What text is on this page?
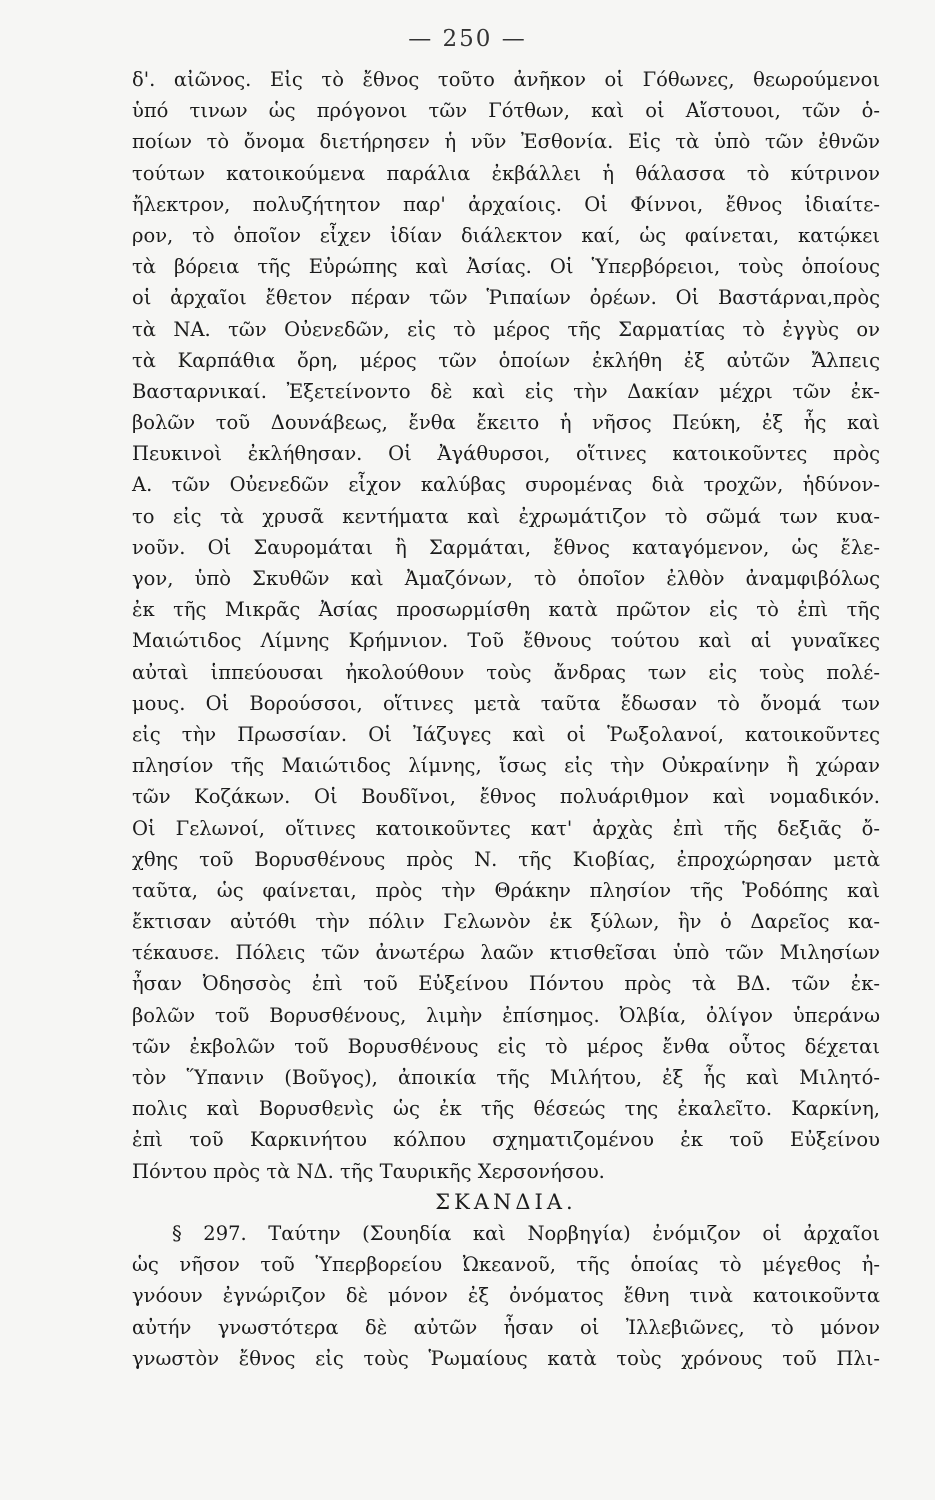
— 250 —
δ'. αἰῶνος. Εἰς τὸ ἔθνος τοῦτο ἀνῆκον οἱ Γόθωνες, θεωρούμενοι
ὑπό τινων ὡς πρόγονοι τῶν Γότθων, καὶ οἱ Αἴστουοι, τῶν ὁ-
ποίων τὸ ὄνομα διετήρησεν ἡ νῦν Ἐσθονία. Εἰς τὰ ὑπὸ τῶν ἐθνῶν
τούτων κατοικούμενα παράλια ἐκβάλλει ἡ θάλασσα τὸ κύτρινον
ἤλεκτρον, πολυζήτητον παρ' ἀρχαίοις. Οἱ Φίννοι, ἔθνος ἰδιαίτε-
ρον, τὸ ὁποῖον εἶχεν ἰδίαν διάλεκτον καί, ὡς φαίνεται, κατῴκει
τὰ βόρεια τῆς Εὐρώπης καὶ Ἀσίας. Οἱ Ὑπερβόρειοι, τοὺς ὁποίους
οἱ ἀρχαῖοι ἔθετον πέραν τῶν Ῥιπαίων ὀρέων. Οἱ Βαστάρναι,πρὸς
τὰ ΝΑ. τῶν Οὐενεδῶν, εἰς τὸ μέρος τῆς Σαρματίας τὸ ἐγγὺς ον
τὰ Καρπάθια ὄρη, μέρος τῶν ὁποίων ἐκλήθη ἐξ αὐτῶν Ἄλπεις
Βασταρνικαί. Ἐξετείνοντο δὲ καὶ εἰς τὴν Δακίαν μέχρι τῶν ἐκ-
βολῶν τοῦ Δουνάβεως, ἔνθα ἔκειτο ἡ νῆσος Πεύκη, ἐξ ἧς καὶ
Πευκινοὶ ἐκλήθησαν. Οἱ Ἀγάθυρσοι, οἵτινες κατοικοῦντες πρὸς
Α. τῶν Οὐενεδῶν εἶχον καλύβας συρομένας διὰ τροχῶν, ἡδύνον-
το εἰς τὰ χρυσᾶ κεντήματα καὶ ἐχρωμάτιζον τὸ σῶμά των κυα-
νοῦν. Οἱ Σαυρομάται ἢ Σαρμάται, ἔθνος καταγόμενον, ὡς ἔλε-
γον, ὑπὸ Σκυθῶν καὶ Ἀμαζόνων, τὸ ὁποῖον ἐλθὸν ἀναμφιβόλως
ἐκ τῆς Μικρᾶς Ἀσίας προσωρμίσθη κατὰ πρῶτον εἰς τὸ ἐπὶ τῆς
Μαιώτιδος Λίμνης Κρήμνιον. Τοῦ ἔθνους τούτου καὶ αἱ γυναῖκες
αὐταὶ ἱππεύουσαι ἠκολούθουν τοὺς ἄνδρας των εἰς τοὺς πολέ-
μους. Οἱ Βορούσσοι, οἵτινες μετὰ ταῦτα ἔδωσαν τὸ ὄνομά των
εἰς τὴν Πρωσσίαν. Οἱ Ἰάζυγες καὶ οἱ Ῥωξολανοί, κατοικοῦντες
πλησίον τῆς Μαιώτιδος λίμνης, ἴσως εἰς τὴν Οὐκραίνην ἢ χώραν
τῶν Κοζάκων. Οἱ Βουδῖνοι, ἔθνος πολυάριθμον καὶ νομαδικόν.
Οἱ Γελωνοί, οἵτινες κατοικοῦντες κατ' ἀρχὰς ἐπὶ τῆς δεξιᾶς ὄ-
χθης τοῦ Βορυσθένους πρὸς Ν. τῆς Κιοβίας, ἐπροχώρησαν μετὰ
ταῦτα, ὡς φαίνεται, πρὸς τὴν Θράκην πλησίον τῆς Ῥοδόπης καὶ
ἔκτισαν αὐτόθι τὴν πόλιν Γελωνὸν ἐκ ξύλων, ἣν ὁ Δαρεῖος κα-
τέκαυσε. Πόλεις τῶν ἀνωτέρω λαῶν κτισθεῖσαι ὑπὸ τῶν Μιλησίων
ἦσαν Ὀδησσὸς ἐπὶ τοῦ Εὐξείνου Πόντου πρὸς τὰ ΒΔ. τῶν ἐκ-
βολῶν τοῦ Βορυσθένους, λιμὴν ἐπίσημος. Ὀλβία, ὀλίγον ὑπεράνω
τῶν ἐκβολῶν τοῦ Βορυσθένους εἰς τὸ μέρος ἔνθα οὗτος δέχεται
τὸν Ὕπανιν (Βοῦγος), ἀποικία τῆς Μιλήτου, ἐξ ἧς καὶ Μιλητό-
πολις καὶ Βορυσθενὶς ὡς ἐκ τῆς θέσεώς της ἐκαλεῖτο. Καρκίνη,
ἐπὶ τοῦ Καρκινήτου κόλπου σχηματιζομένου ἐκ τοῦ Εὐξείνου
Πόντου πρὸς τὰ ΝΔ. τῆς Ταυρικῆς Χερσονήσου.
ΣΚΑΝΔΙΑ.
§ 297. Ταύτην (Σουηδία καὶ Νορβηγία) ἐνόμιζον οἱ ἀρχαῖοι
ὡς νῆσον τοῦ Ὑπερβορείου Ὠκεανοῦ, τῆς ὁποίας τὸ μέγεθος ἠ-
γνόουν ἐγνώριζον δὲ μόνον ἐξ ὀνόματος ἔθνη τινὰ κατοικοῦντα
αὐτήν γνωστότερα δὲ αὐτῶν ἦσαν οἱ Ἰλλεβιῶνες, τὸ μόνον
γνωστὸν ἔθνος εἰς τοὺς Ῥωμαίους κατὰ τοὺς χρόνους τοῦ Πλι-
